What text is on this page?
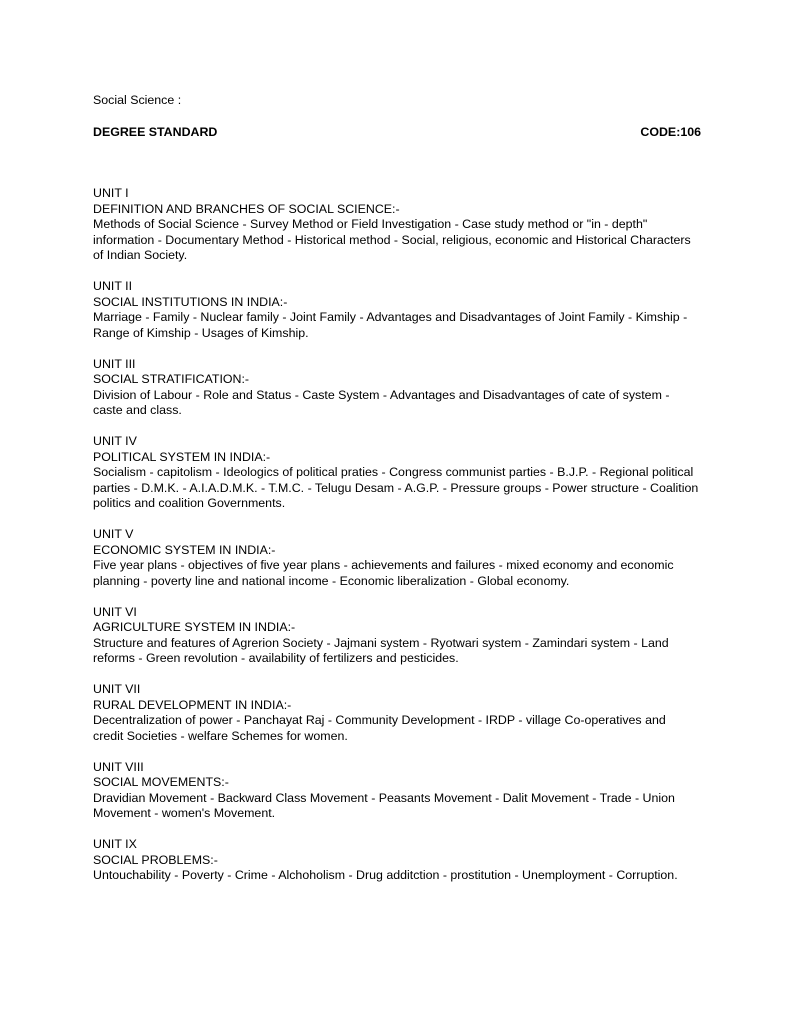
Social Science :
DEGREE STANDARD	CODE:106
UNIT I
DEFINITION AND BRANCHES OF SOCIAL SCIENCE:-
Methods of Social Science - Survey Method or Field Investigation - Case study method or "in - depth" information - Documentary Method - Historical method - Social, religious, economic and Historical Characters of Indian Society.
UNIT II
SOCIAL INSTITUTIONS IN INDIA:-
Marriage - Family - Nuclear family - Joint Family - Advantages and Disadvantages of Joint Family - Kimship - Range of Kimship - Usages of Kimship.
UNIT III
SOCIAL STRATIFICATION:-
Division of Labour - Role and Status - Caste System - Advantages and Disadvantages of cate of system - caste and class.
UNIT IV
POLITICAL SYSTEM IN INDIA:-
Socialism - capitolism - Ideologics of political praties - Congress communist parties - B.J.P. - Regional political parties - D.M.K. - A.I.A.D.M.K. - T.M.C. - Telugu Desam - A.G.P. - Pressure groups - Power structure - Coalition politics and coalition Governments.
UNIT V
ECONOMIC SYSTEM IN INDIA:-
Five year plans - objectives of five year plans - achievements and failures - mixed economy and economic planning - poverty line and national income - Economic liberalization - Global economy.
UNIT VI
AGRICULTURE SYSTEM IN INDIA:-
Structure and features of Agrerion Society - Jajmani system - Ryotwari system - Zamindari system - Land reforms - Green revolution - availability of fertilizers and pesticides.
UNIT VII
RURAL DEVELOPMENT IN INDIA:-
Decentralization of power - Panchayat Raj - Community Development - IRDP - village Co-operatives and credit Societies - welfare Schemes for women.
UNIT VIII
SOCIAL MOVEMENTS:-
Dravidian Movement - Backward Class Movement - Peasants Movement - Dalit Movement - Trade - Union Movement - women's Movement.
UNIT IX
SOCIAL PROBLEMS:-
Untouchability - Poverty - Crime - Alchoholism - Drug additction - prostitution - Unemployment - Corruption.
